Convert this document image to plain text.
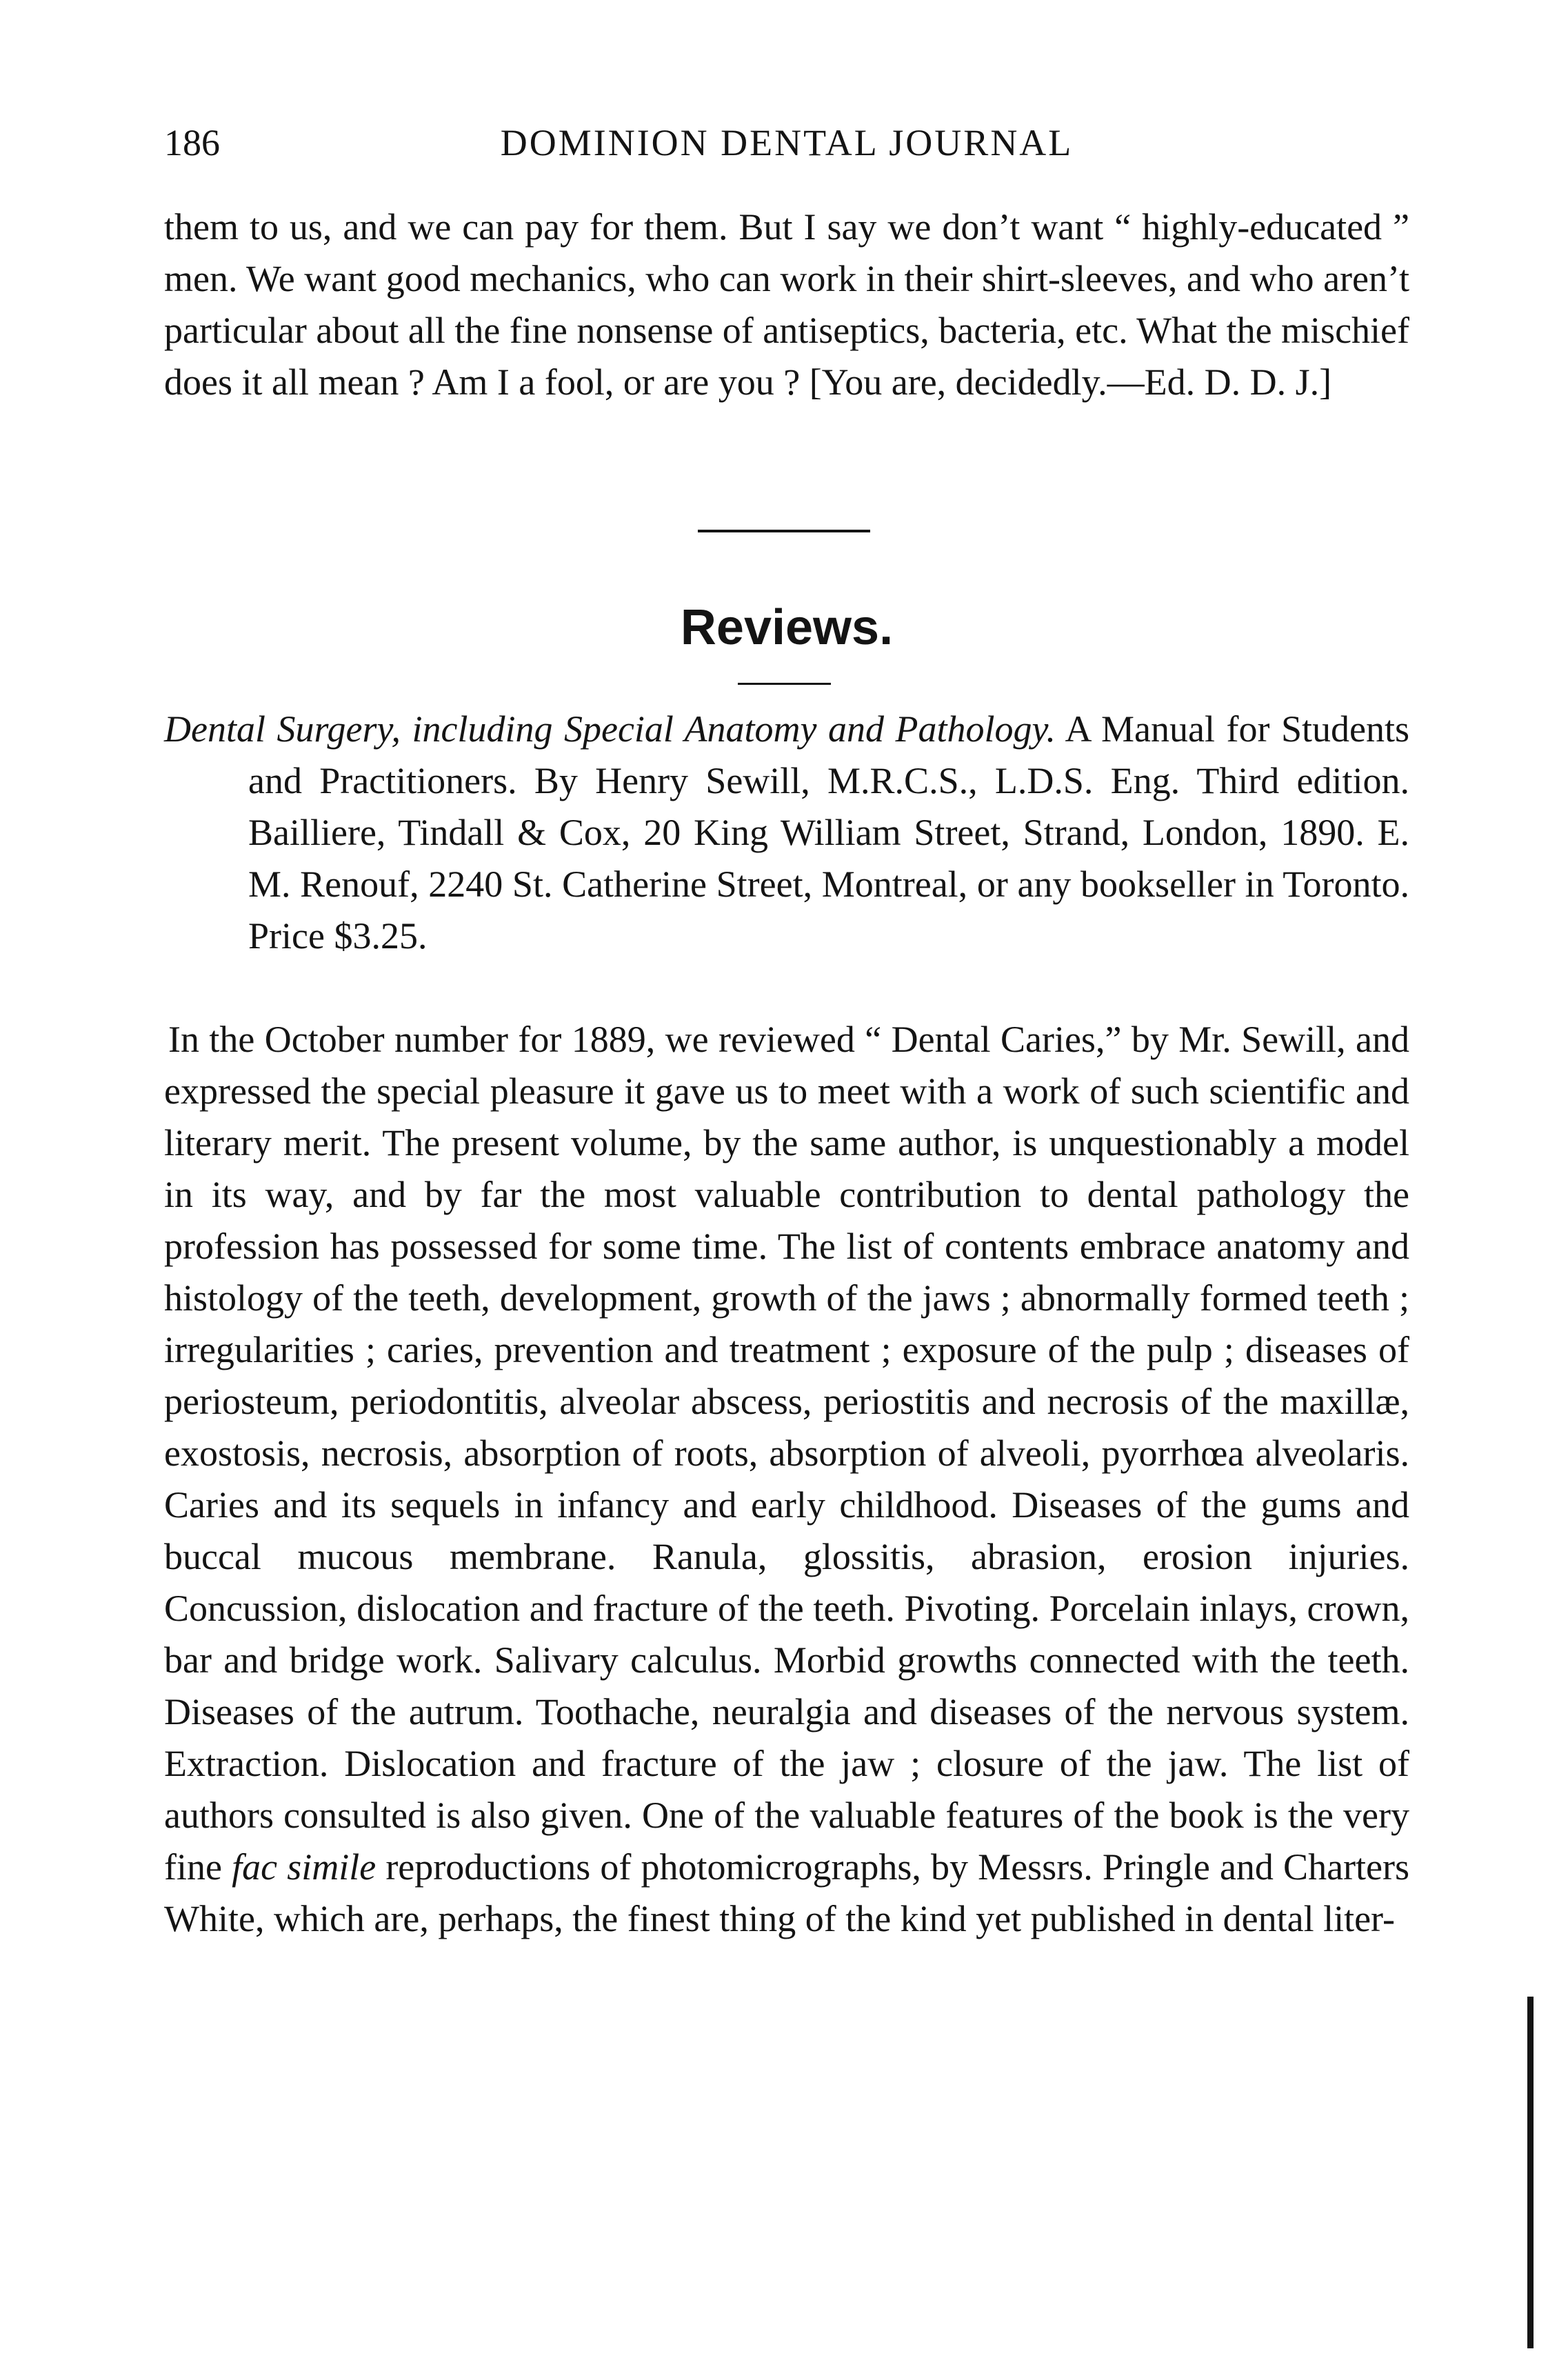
186	DOMINION DENTAL JOURNAL

them to us, and we can pay for them. But I say we don’t want “ highly-educated ” men. We want good mechanics, who can work in their shirt-sleeves, and who aren’t particular about all the fine nonsense of antiseptics, bacteria, etc. What the mischief does it all mean ? Am I a fool, or are you ? [You are, decidedly.—Ed. D. D. J.]

Reviews.

Dental Surgery, including Special Anatomy and Pathology. A Manual for Students and Practitioners. By Henry Sewill, M.R.C.S., L.D.S. Eng. Third edition. Bailliere, Tindall & Cox, 20 King William Street, Strand, London, 1890. E. M. Renouf, 2240 St. Catherine Street, Montreal, or any bookseller in Toronto. Price $3.25.

In the October number for 1889, we reviewed “ Dental Caries,” by Mr. Sewill, and expressed the special pleasure it gave us to meet with a work of such scientific and literary merit. The present volume, by the same author, is unquestionably a model in its way, and by far the most valuable contribution to dental pathology the profession has possessed for some time. The list of contents embrace anatomy and histology of the teeth, development, growth of the jaws ; abnormally formed teeth ; irregularities ; caries, prevention and treatment ; exposure of the pulp ; diseases of periosteum, periodontitis, alveolar abscess, periostitis and necrosis of the maxillæ, exostosis, necrosis, absorption of roots, absorption of alveoli, pyorrhœa alveolaris. Caries and its sequels in infancy and early childhood. Diseases of the gums and buccal mucous membrane. Ranula, glossitis, abrasion, erosion injuries. Concussion, dislocation and fracture of the teeth. Pivoting. Porcelain inlays, crown, bar and bridge work. Salivary calculus. Morbid growths connected with the teeth. Diseases of the autrum. Toothache, neuralgia and diseases of the nervous system. Extraction. Dislocation and fracture of the jaw ; closure of the jaw. The list of authors consulted is also given. One of the valuable features of the book is the very fine fac simile reproductions of photomicrographs, by Messrs. Pringle and Charters White, which are, perhaps, the finest thing of the kind yet published in dental liter-
